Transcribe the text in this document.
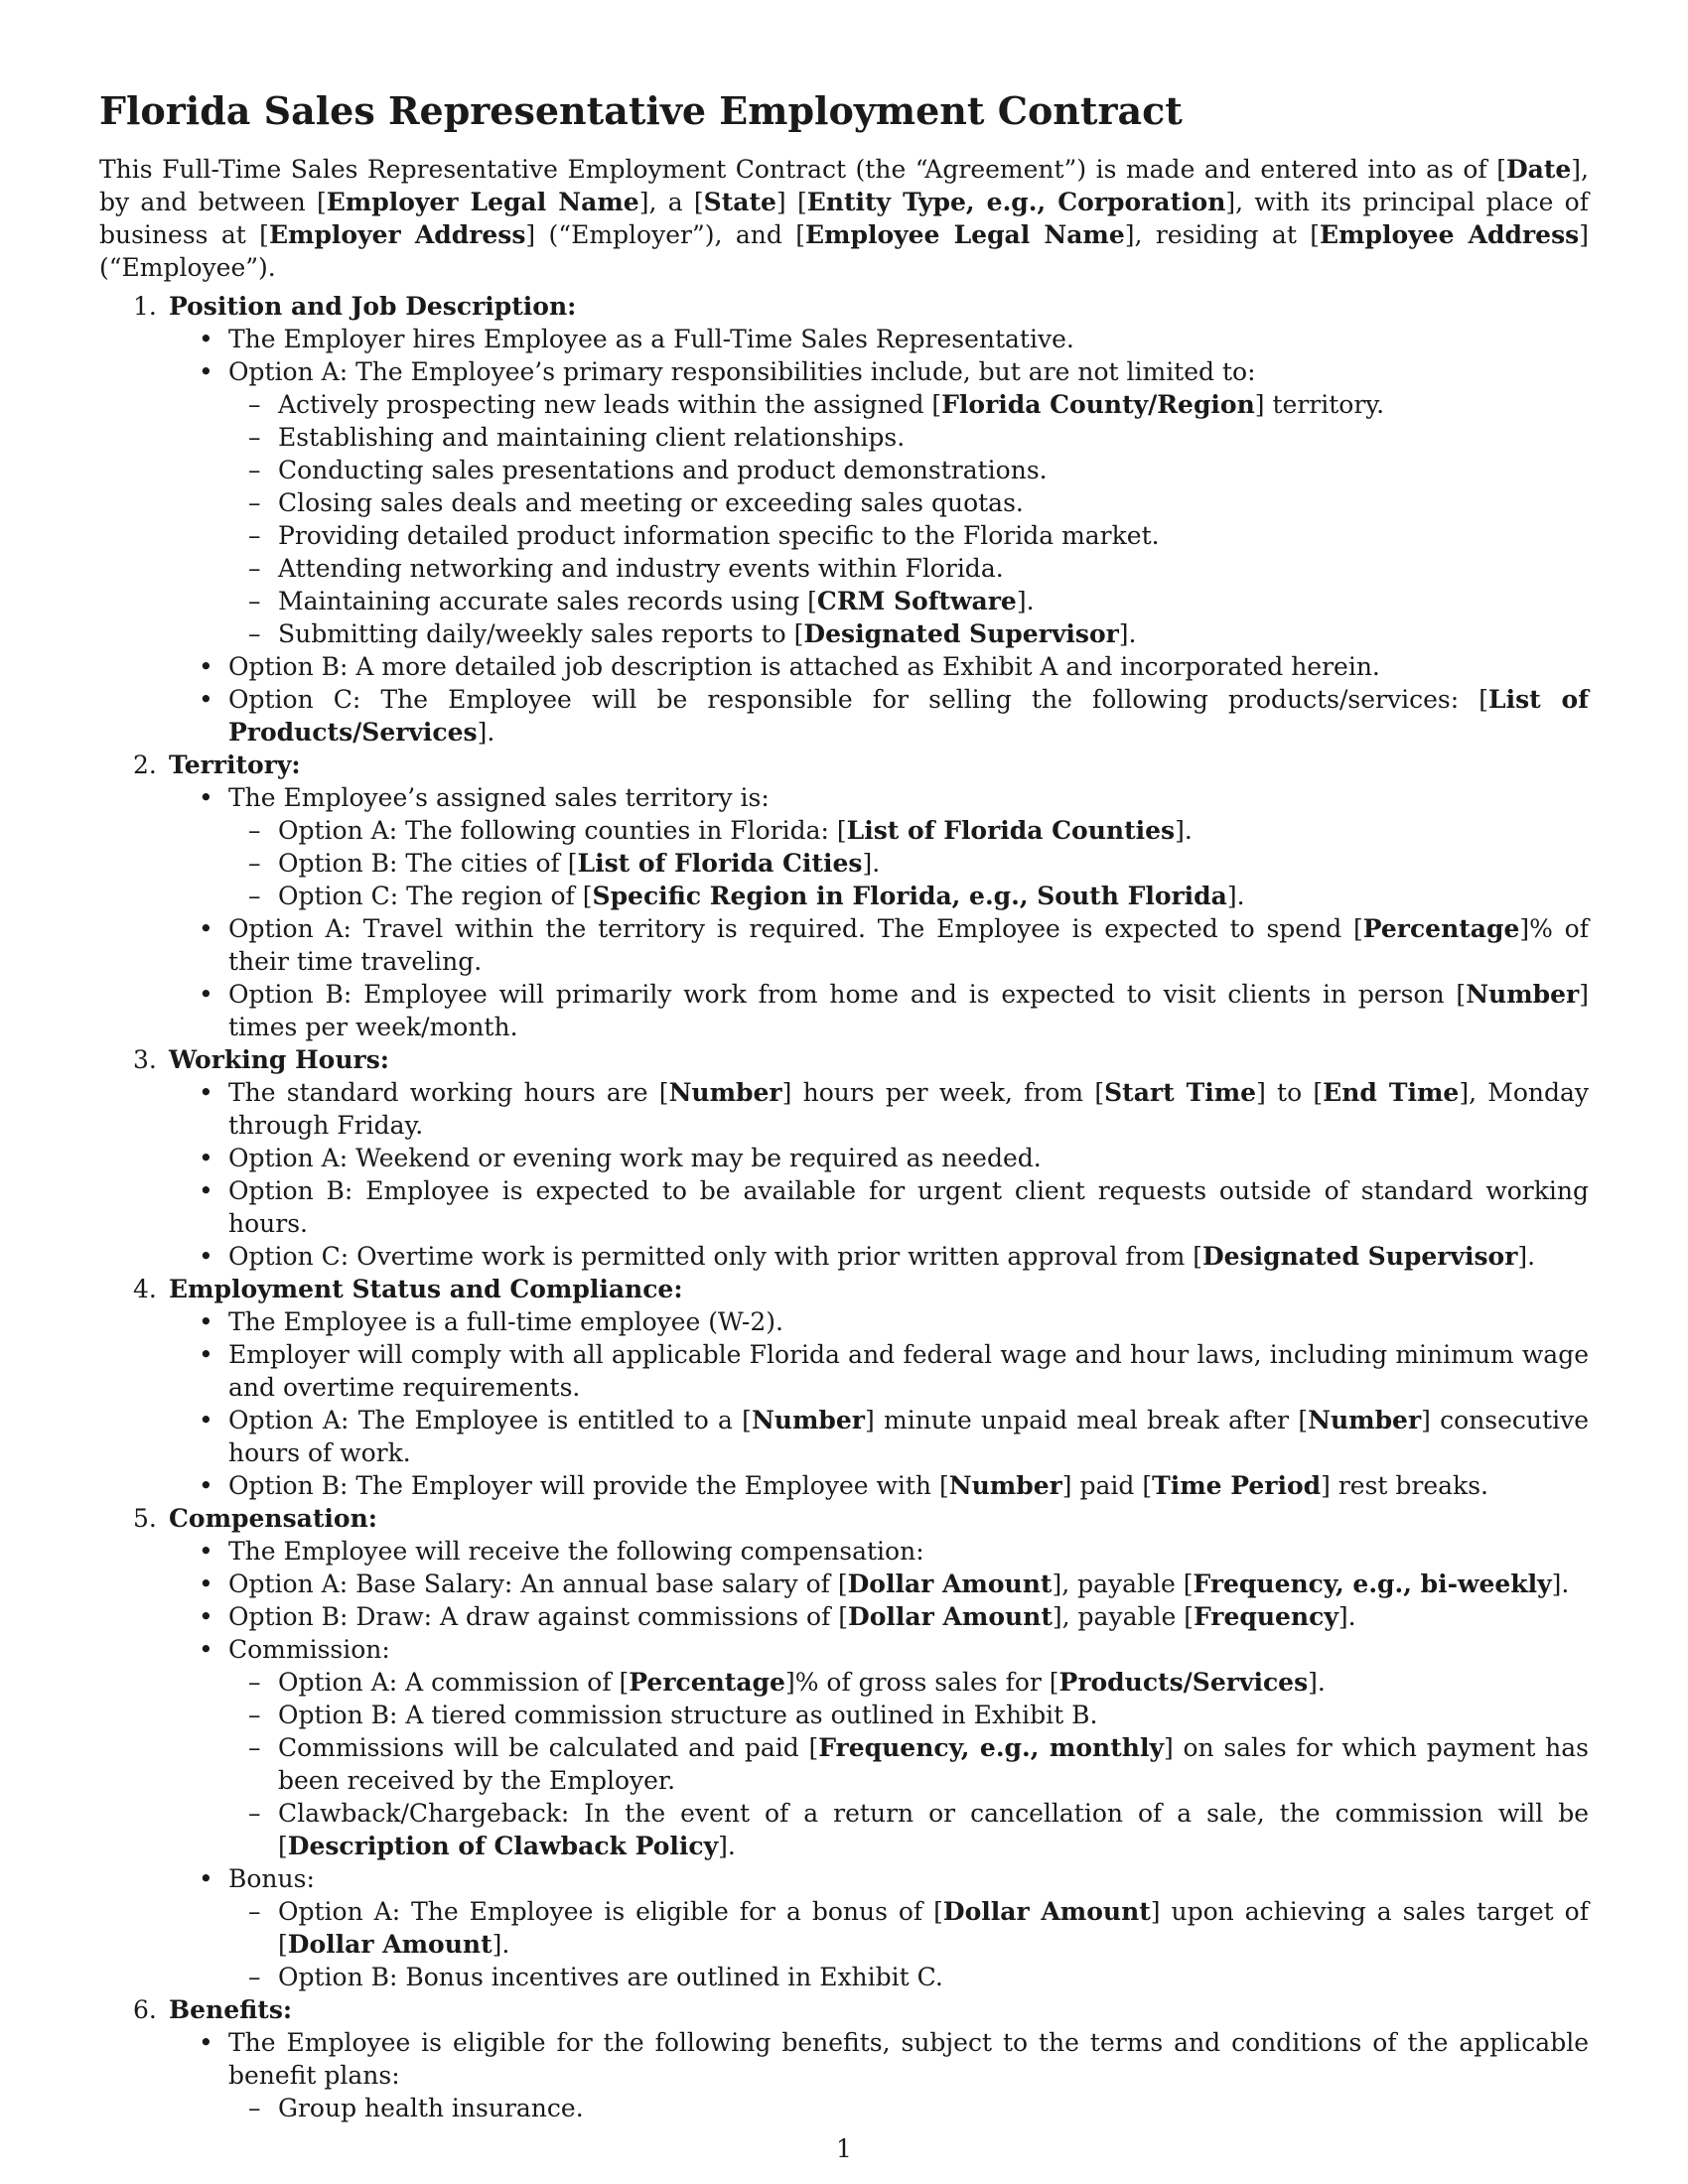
Florida Sales Representative Employment Contract

This Full-Time Sales Representative Employment Contract (the “Agreement”) is made and entered into as of [Date], by and between [Employer Legal Name], a [State] [Entity Type, e.g., Corporation], with its principal place of business at [Employer Address] (“Employer”), and [Employee Legal Name], residing at [Employee Address] (“Employee”).

1. Position and Job Description:
• The Employer hires Employee as a Full-Time Sales Representative.
• Option A: The Employee’s primary responsibilities include, but are not limited to:
– Actively prospecting new leads within the assigned [Florida County/Region] territory.
– Establishing and maintaining client relationships.
– Conducting sales presentations and product demonstrations.
– Closing sales deals and meeting or exceeding sales quotas.
– Providing detailed product information specific to the Florida market.
– Attending networking and industry events within Florida.
– Maintaining accurate sales records using [CRM Software].
– Submitting daily/weekly sales reports to [Designated Supervisor].
• Option B: A more detailed job description is attached as Exhibit A and incorporated herein.
• Option C: The Employee will be responsible for selling the following products/services: [List of Products/Services].
2. Territory:
• The Employee’s assigned sales territory is:
– Option A: The following counties in Florida: [List of Florida Counties].
– Option B: The cities of [List of Florida Cities].
– Option C: The region of [Specific Region in Florida, e.g., South Florida].
• Option A: Travel within the territory is required. The Employee is expected to spend [Percentage]% of their time traveling.
• Option B: Employee will primarily work from home and is expected to visit clients in person [Number] times per week/month.
3. Working Hours:
• The standard working hours are [Number] hours per week, from [Start Time] to [End Time], Monday through Friday.
• Option A: Weekend or evening work may be required as needed.
• Option B: Employee is expected to be available for urgent client requests outside of standard working hours.
• Option C: Overtime work is permitted only with prior written approval from [Designated Supervisor].
4. Employment Status and Compliance:
• The Employee is a full-time employee (W-2).
• Employer will comply with all applicable Florida and federal wage and hour laws, including minimum wage and overtime requirements.
• Option A: The Employee is entitled to a [Number] minute unpaid meal break after [Number] consecutive hours of work.
• Option B: The Employer will provide the Employee with [Number] paid [Time Period] rest breaks.
5. Compensation:
• The Employee will receive the following compensation:
• Option A: Base Salary: An annual base salary of [Dollar Amount], payable [Frequency, e.g., bi-weekly].
• Option B: Draw: A draw against commissions of [Dollar Amount], payable [Frequency].
• Commission:
– Option A: A commission of [Percentage]% of gross sales for [Products/Services].
– Option B: A tiered commission structure as outlined in Exhibit B.
– Commissions will be calculated and paid [Frequency, e.g., monthly] on sales for which payment has been received by the Employer.
– Clawback/Chargeback: In the event of a return or cancellation of a sale, the commission will be [Description of Clawback Policy].
• Bonus:
– Option A: The Employee is eligible for a bonus of [Dollar Amount] upon achieving a sales target of [Dollar Amount].
– Option B: Bonus incentives are outlined in Exhibit C.
6. Benefits:
• The Employee is eligible for the following benefits, subject to the terms and conditions of the applicable benefit plans:
– Group health insurance.
1
